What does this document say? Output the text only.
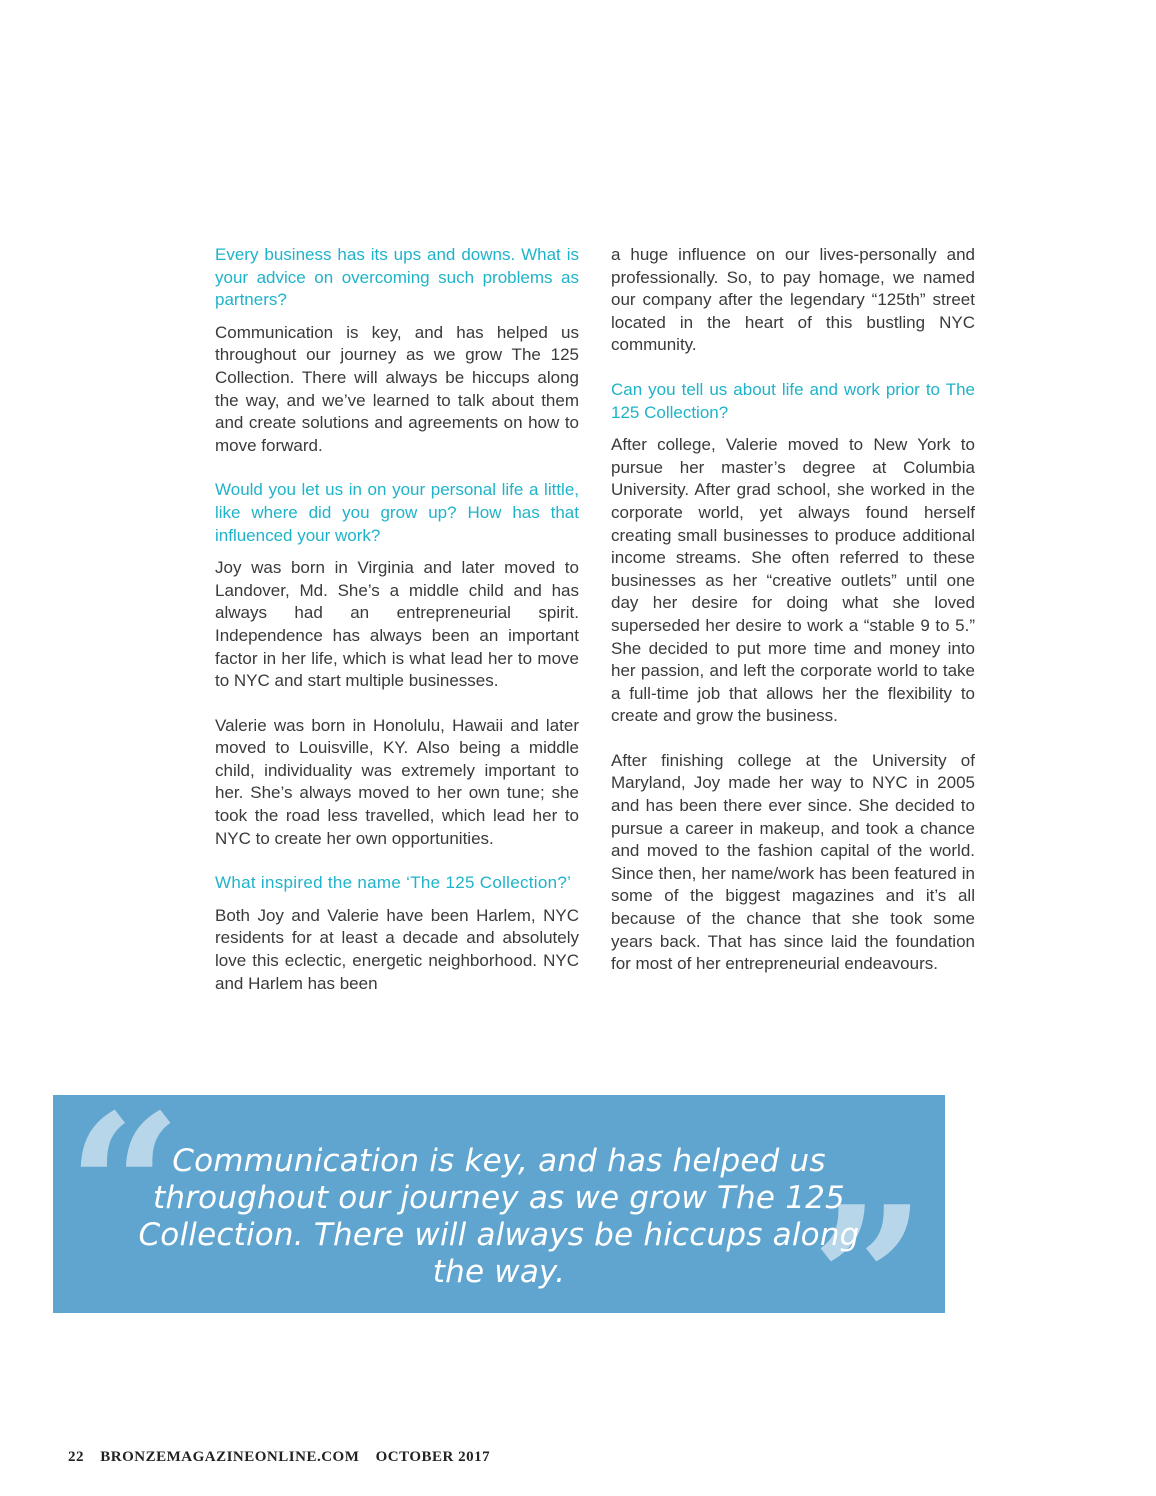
Every business has its ups and downs. What is your advice on overcoming such problems as partners?

Communication is key, and has helped us throughout our journey as we grow The 125 Collection. There will always be hiccups along the way, and we’ve learned to talk about them and create solutions and agreements on how to move forward.

Would you let us in on your personal life a little, like where did you grow up? How has that influenced your work?

Joy was born in Virginia and later moved to Landover, Md. She’s a middle child and has always had an entrepreneurial spirit. Independence has always been an important factor in her life, which is what lead her to move to NYC and start multiple businesses.

Valerie was born in Honolulu, Hawaii and later moved to Louisville, KY. Also being a middle child, individuality was extremely important to her. She’s always moved to her own tune; she took the road less travelled, which lead her to NYC to create her own opportunities.

What inspired the name ‘The 125 Collection?’

Both Joy and Valerie have been Harlem, NYC residents for at least a decade and absolutely love this eclectic, energetic neighborhood. NYC and Harlem has been

a huge influence on our lives-personally and professionally. So, to pay homage, we named our company after the legendary “125th” street located in the heart of this bustling NYC community.

Can you tell us about life and work prior to The 125 Collection?

After college, Valerie moved to New York to pursue her master’s degree at Columbia University. After grad school, she worked in the corporate world, yet always found herself creating small businesses to produce additional income streams. She often referred to these businesses as her “creative outlets” until one day her desire for doing what she loved superseded her desire to work a “stable 9 to 5.” She decided to put more time and money into her passion, and left the corporate world to take a full-time job that allows her the flexibility to create and grow the business.

After finishing college at the University of Maryland, Joy made her way to NYC in 2005 and has been there ever since. She decided to pursue a career in makeup, and took a chance and moved to the fashion capital of the world. Since then, her name/work has been featured in some of the biggest magazines and it’s all because of the chance that she took some years back. That has since laid the foundation for most of her entrepreneurial endeavours.

“	”
Communication is key, and has helped us throughout our journey as we grow The 125 Collection. There will always be hiccups along the way.
22 BRONZEMAGAZINEONLINE.COM OCTOBER 2017
